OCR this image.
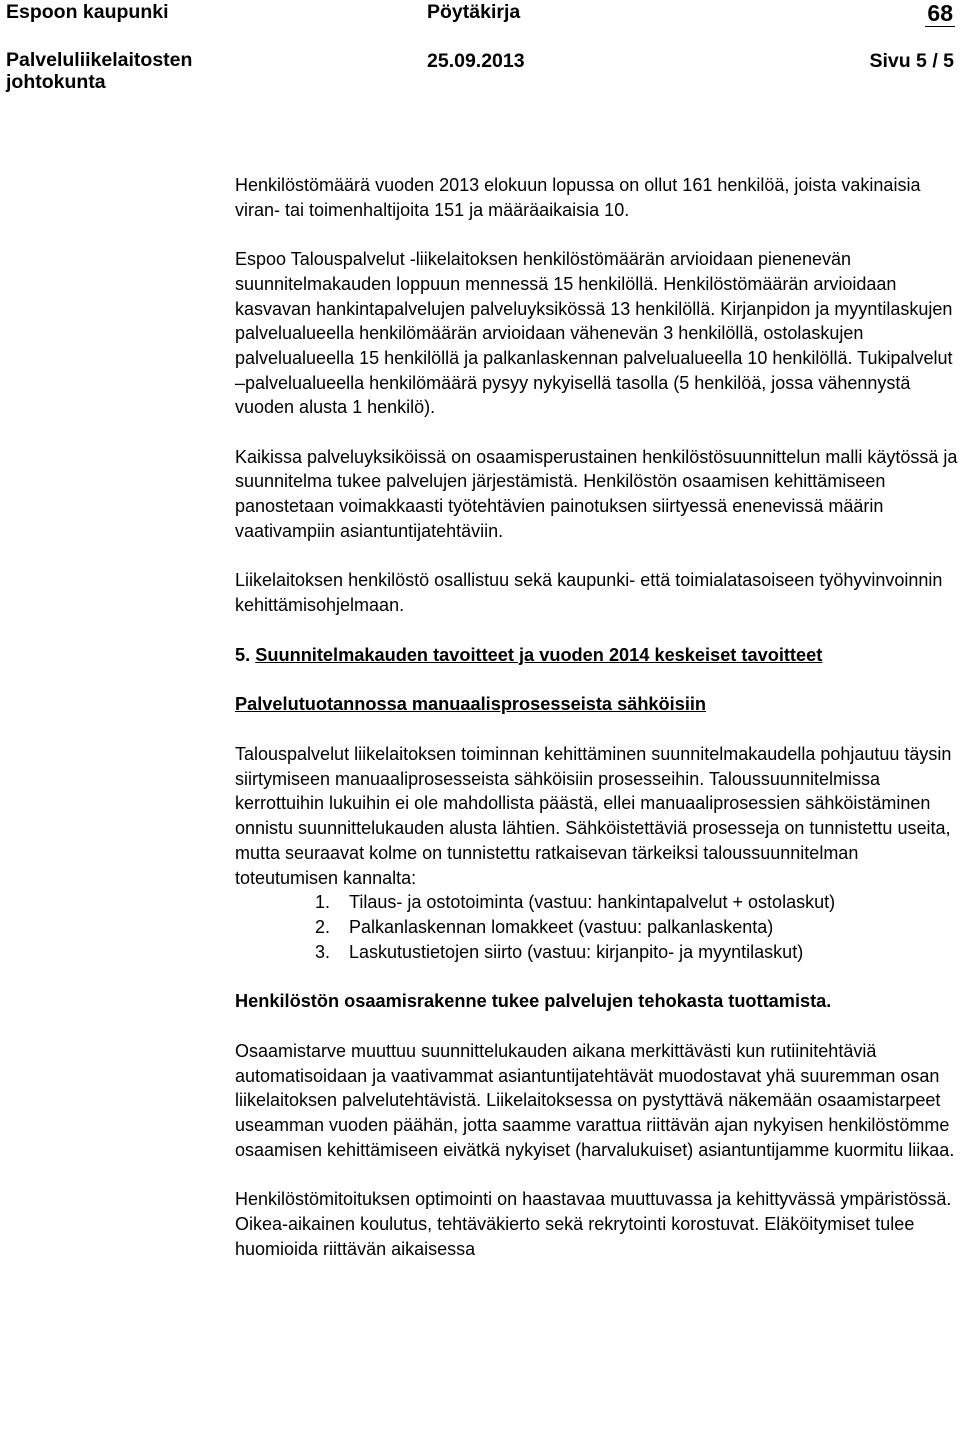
Espoon kaupunki	Pöytäkirja	68
Palveluliikelaitosten
johtokunta
25.09.2013	Sivu 5 / 5

Henkilöstömäärä vuoden 2013 elokuun lopussa on ollut 161 henkilöä, joista vakinaisia viran- tai toimenhaltijoita 151 ja määräaikaisia 10.

Espoo Talouspalvelut -liikelaitoksen henkilöstömäärän arvioidaan pienenevän suunnitelmakauden loppuun mennessä 15 henkilöllä. Henkilöstömäärän arvioidaan kasvavan hankintapalvelujen palveluyksikössä 13 henkilöllä. Kirjanpidon ja myyntilaskujen palvelualueella henkilömäärän arvioidaan vähenevän 3 henkilöllä, ostolaskujen palvelualueella 15 henkilöllä ja palkanlaskennan palvelualueella 10 henkilöllä. Tukipalvelut –palvelualueella henkilömäärä pysyy nykyisellä tasolla (5 henkilöä, jossa vähennystä vuoden alusta 1 henkilö).

Kaikissa palveluyksiköissä on osaamisperustainen henkilöstösuunnittelun malli käytössä ja suunnitelma tukee palvelujen järjestämistä. Henkilöstön osaamisen kehittämiseen panostetaan voimakkaasti työtehtävien painotuksen siirtyessä enenevissä määrin vaativampiin asiantuntijatehtäviin.

Liikelaitoksen henkilöstö osallistuu sekä kaupunki- että toimialatasoiseen työhyvinvoinnin kehittämisohjelmaan.

5. Suunnitelmakauden tavoitteet ja vuoden 2014 keskeiset tavoitteet

Palvelutuotannossa manuaalisprosesseista sähköisiin

Talouspalvelut liikelaitoksen toiminnan kehittäminen suunnitelmakaudella pohjautuu täysin siirtymiseen manuaaliprosesseista sähköisiin prosesseihin. Taloussuunnitelmissa kerrottuihin lukuihin ei ole mahdollista päästä, ellei manuaaliprosessien sähköistäminen onnistu suunnittelukauden alusta lähtien. Sähköistettäviä prosesseja on tunnistettu useita, mutta seuraavat kolme on tunnistettu ratkaisevan tärkeiksi taloussuunnitelman toteutumisen kannalta:

1. Tilaus- ja ostotoiminta (vastuu: hankintapalvelut + ostolaskut)
2. Palkanlaskennan lomakkeet (vastuu: palkanlaskenta)
3. Laskutustietojen siirto (vastuu: kirjanpito- ja myyntilaskut)

Henkilöstön osaamisrakenne tukee palvelujen tehokasta tuottamista.

Osaamistarve muuttuu suunnittelukauden aikana merkittävästi kun rutiinitehtäviä automatisoidaan ja vaativammat asiantuntijatehtävät muodostavat yhä suuremman osan liikelaitoksen palvelutehtävistä. Liikelaitoksessa on pystyttävä näkemään osaamistarpeet useamman vuoden päähän, jotta saamme varattua riittävän ajan nykyisen henkilöstömme osaamisen kehittämiseen eivätkä nykyiset (harvalukuiset) asiantuntijamme kuormitu liikaa.

Henkilöstömitoituksen optimointi on haastavaa muuttuvassa ja kehittyvässä ympäristössä. Oikea-aikainen koulutus, tehtäväkierto sekä rekrytointi korostuvat. Eläköitymiset tulee huomioida riittävän aikaisessa
